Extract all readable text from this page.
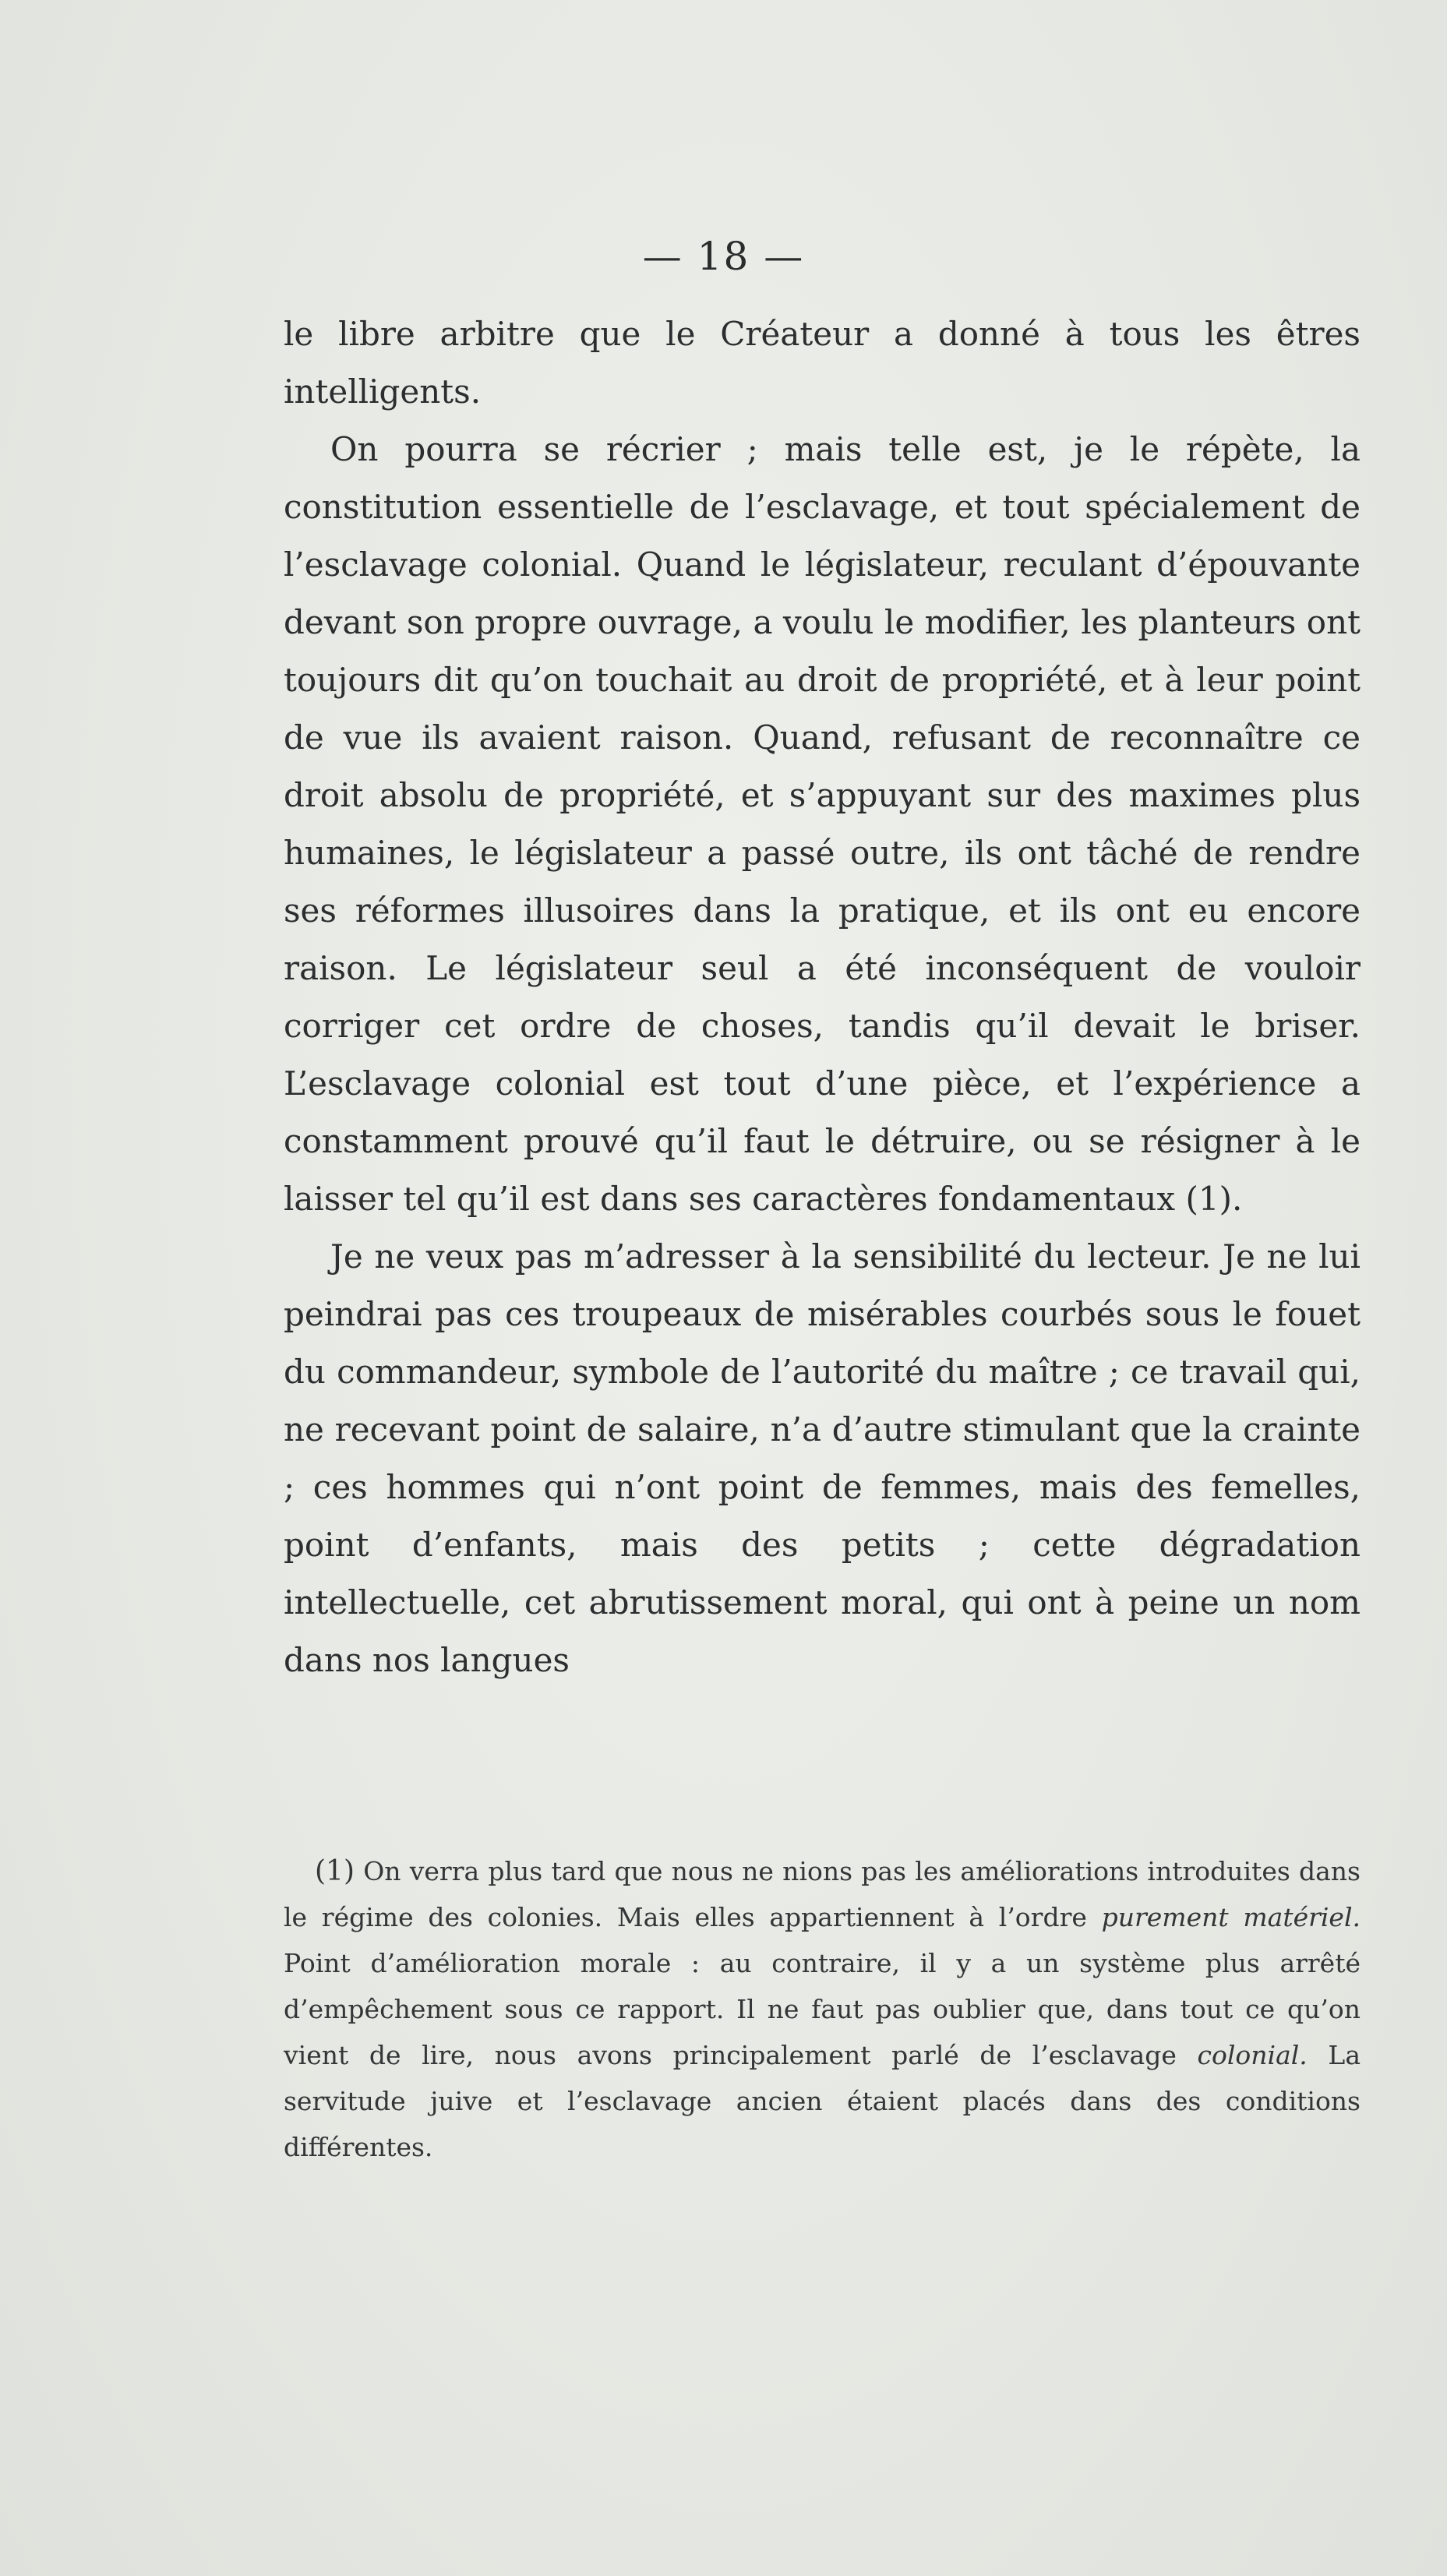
— 18 —

le libre arbitre que le Créateur a donné à tous les êtres intelligents.

On pourra se récrier ; mais telle est, je le répète, la constitution essentielle de l’esclavage, et tout spécialement de l’esclavage colonial. Quand le législateur, reculant d’épouvante devant son propre ouvrage, a voulu le modifier, les planteurs ont toujours dit qu’on touchait au droit de propriété, et à leur point de vue ils avaient raison. Quand, refusant de reconnaître ce droit absolu de propriété, et s’appuyant sur des maximes plus humaines, le législateur a passé outre, ils ont tâché de rendre ses réformes illusoires dans la pratique, et ils ont eu encore raison. Le législateur seul a été inconséquent de vouloir corriger cet ordre de choses, tandis qu’il devait le briser. L’esclavage colonial est tout d’une pièce, et l’expérience a constamment prouvé qu’il faut le détruire, ou se résigner à le laisser tel qu’il est dans ses caractères fondamentaux (1).

Je ne veux pas m’adresser à la sensibilité du lecteur. Je ne lui peindrai pas ces troupeaux de misérables courbés sous le fouet du commandeur, symbole de l’autorité du maître ; ce travail qui, ne recevant point de salaire, n’a d’autre stimulant que la crainte ; ces hommes qui n’ont point de femmes, mais des femelles, point d’enfants, mais des petits ; cette dégradation intellectuelle, cet abrutissement moral, qui ont à peine un nom dans nos langues

(1) On verra plus tard que nous ne nions pas les améliorations introduites dans le régime des colonies. Mais elles appartiennent à l’ordre purement matériel. Point d’amélioration morale : au contraire, il y a un système plus arrêté d’empêchement sous ce rapport. Il ne faut pas oublier que, dans tout ce qu’on vient de lire, nous avons principalement parlé de l’esclavage colonial. La servitude juive et l’esclavage ancien étaient placés dans des conditions différentes.
